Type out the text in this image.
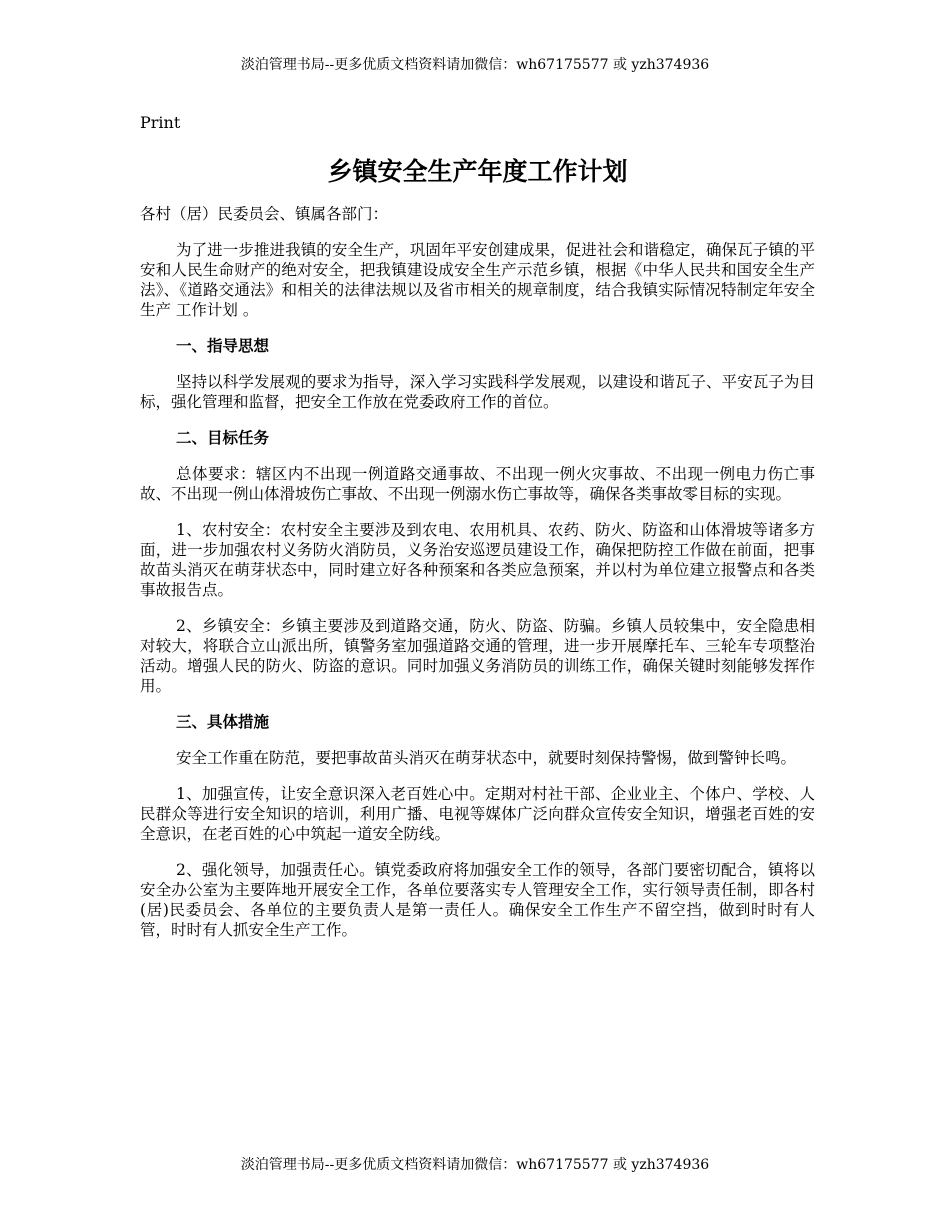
淡泊管理书局--更多优质文档资料请加微信：wh67175577 或 yzh374936
Print
乡镇安全生产年度工作计划
各村（居）民委员会、镇属各部门：

为了进一步推进我镇的安全生产，巩固年平安创建成果，促进社会和谐稳定，确保瓦子镇的平安和人民生命财产的绝对安全，把我镇建设成安全生产示范乡镇，根据《中华人民共和国安全生产法》、《道路交通法》和相关的法律法规以及省市相关的规章制度，结合我镇实际情况特制定年安全生产 工作计划 。

一、指导思想

坚持以科学发展观的要求为指导，深入学习实践科学发展观，以建设和谐瓦子、平安瓦子为目标，强化管理和监督，把安全工作放在党委政府工作的首位。

二、目标任务

总体要求：辖区内不出现一例道路交通事故、不出现一例火灾事故、不出现一例电力伤亡事故、不出现一例山体滑坡伤亡事故、不出现一例溺水伤亡事故等，确保各类事故零目标的实现。

1、农村安全：农村安全主要涉及到农电、农用机具、农药、防火、防盗和山体滑坡等诸多方面，进一步加强农村义务防火消防员，义务治安巡逻员建设工作，确保把防控工作做在前面，把事故苗头消灭在萌芽状态中，同时建立好各种预案和各类应急预案，并以村为单位建立报警点和各类事故报告点。

2、乡镇安全：乡镇主要涉及到道路交通，防火、防盗、防骗。乡镇人员较集中，安全隐患相对较大，将联合立山派出所，镇警务室加强道路交通的管理，进一步开展摩托车、三轮车专项整治活动。增强人民的防火、防盗的意识。同时加强义务消防员的训练工作，确保关键时刻能够发挥作用。

三、具体措施

安全工作重在防范，要把事故苗头消灭在萌芽状态中，就要时刻保持警惕，做到警钟长鸣。

1、加强宣传，让安全意识深入老百姓心中。定期对村社干部、企业业主、个体户、学校、人民群众等进行安全知识的培训，利用广播、电视等媒体广泛向群众宣传安全知识，增强老百姓的安全意识，在老百姓的心中筑起一道安全防线。

2、强化领导，加强责任心。镇党委政府将加强安全工作的领导，各部门要密切配合，镇将以安全办公室为主要阵地开展安全工作，各单位要落实专人管理安全工作，实行领导责任制，即各村(居)民委员会、各单位的主要负责人是第一责任人。确保安全工作生产不留空挡，做到时时有人管，时时有人抓安全生产工作。

淡泊管理书局--更多优质文档资料请加微信：wh67175577 或 yzh374936
